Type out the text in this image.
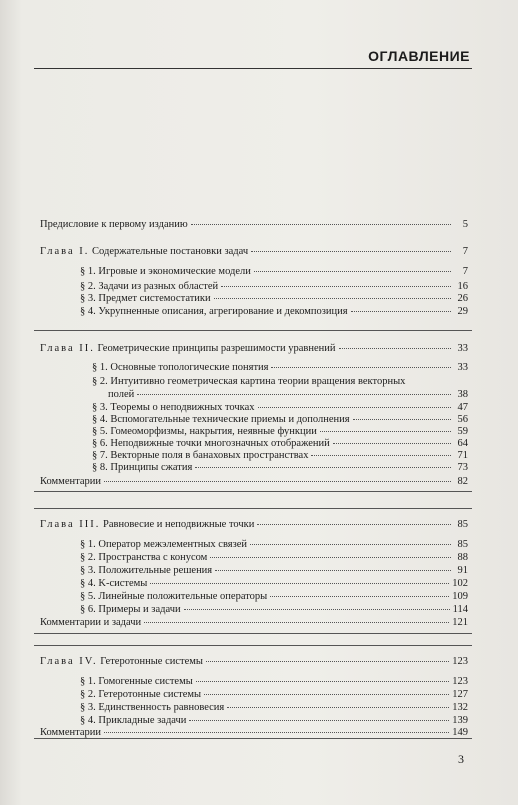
ОГЛАВЛЕНИЕ
Предисловие к первому изданию	5
Глава I. Содержательные постановки задач	7
§ 1. Игровые и экономические модели	7
§ 2. Задачи из разных областей	16
§ 3. Предмет системостатики	26
§ 4. Укрупненные описания, агрегирование и декомпозиция	29
Глава II. Геометрические принципы разрешимости уравнений	33
§ 1. Основные топологические понятия	33
§ 2. Интуитивно геометрическая картина теории вращения векторных
полей	38
§ 3. Теоремы о неподвижных точках	47
§ 4. Вспомогательные технические приемы и дополнения	56
§ 5. Гомеоморфизмы, накрытия, неявные функции	59
§ 6. Неподвижные точки многозначных отображений	64
§ 7. Векторные поля в банаховых пространствах	71
§ 8. Принципы сжатия	73
Комментарии	82
Глава III. Равновесие и неподвижные точки	85
§ 1. Оператор межэлементных связей	85
§ 2. Пространства с конусом	88
§ 3. Положительные решения	91
§ 4. K-системы	102
§ 5. Линейные положительные операторы	109
§ 6. Примеры и задачи	114
Комментарии и задачи	121
Глава IV. Гетеротонные системы	123
§ 1. Гомогенные системы	123
§ 2. Гетеротонные системы	127
§ 3. Единственность равновесия	132
§ 4. Прикладные задачи	139
Комментарии	149
3
